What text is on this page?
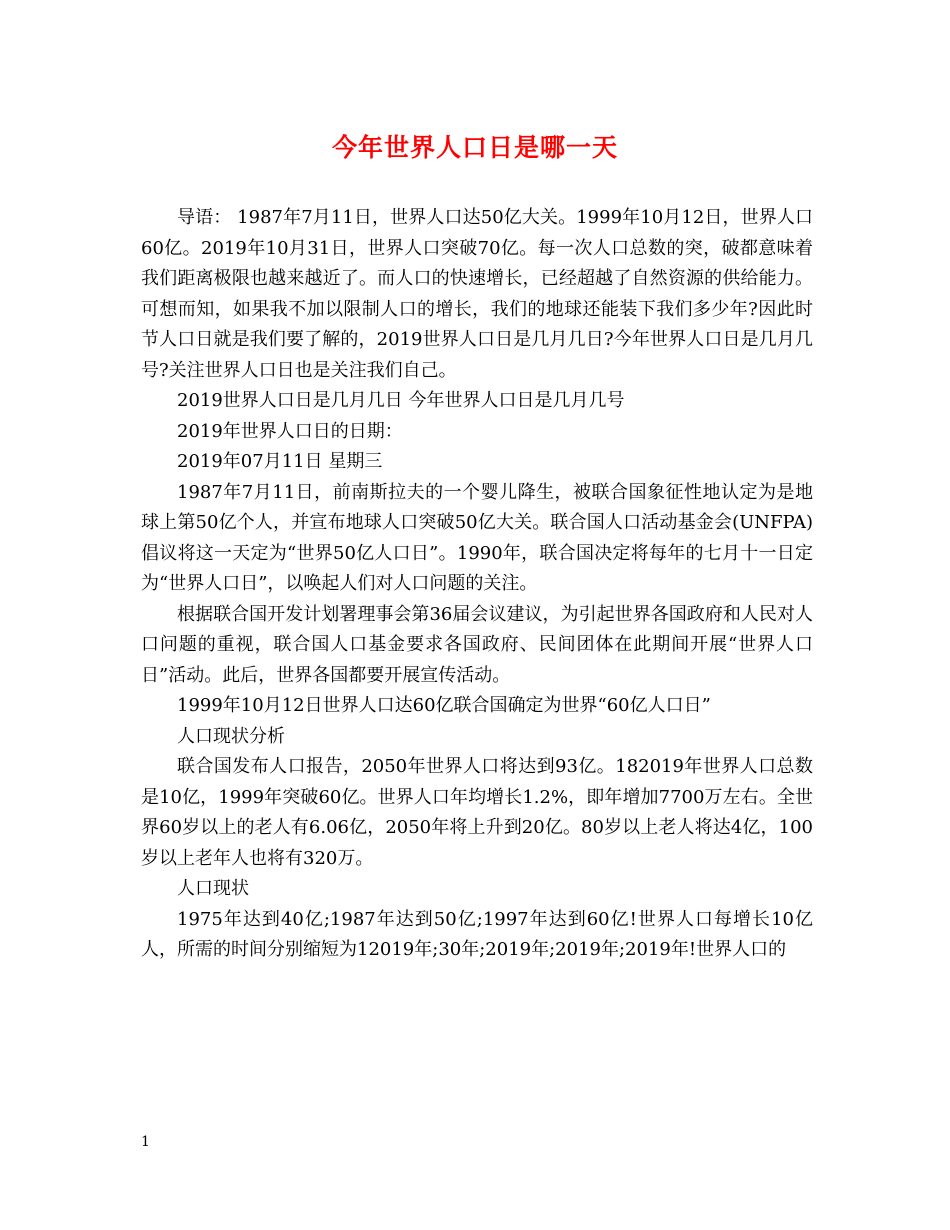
今年世界人口日是哪一天

导语： 1987年7月11日，世界人口达50亿大关。1999年10月12日，世界人口60亿。2019年10月31日，世界人口突破70亿。每一次人口总数的突，破都意味着我们距离极限也越来越近了。而人口的快速增长，已经超越了自然资源的供给能力。可想而知，如果我不加以限制人口的增长，我们的地球还能装下我们多少年?因此时节人口日就是我们要了解的，2019世界人口日是几月几日?今年世界人口日是几月几号?关注世界人口日也是关注我们自己。

2019世界人口日是几月几日 今年世界人口日是几月几号

2019年世界人口日的日期：

2019年07月11日 星期三

1987年7月11日，前南斯拉夫的一个婴儿降生，被联合国象征性地认定为是地球上第50亿个人，并宣布地球人口突破50亿大关。联合国人口活动基金会(UNFPA)倡议将这一天定为“世界50亿人口日”。1990年，联合国决定将每年的七月十一日定为“世界人口日”，以唤起人们对人口问题的关注。

根据联合国开发计划署理事会第36届会议建议，为引起世界各国政府和人民对人口问题的重视，联合国人口基金要求各国政府、民间团体在此期间开展“世界人口日”活动。此后，世界各国都要开展宣传活动。

1999年10月12日世界人口达60亿联合国确定为世界“60亿人口日”

人口现状分析

联合国发布人口报告，2050年世界人口将达到93亿。182019年世界人口总数是10亿，1999年突破60亿。世界人口年均增长1.2%，即年增加7700万左右。全世界60岁以上的老人有6.06亿，2050年将上升到20亿。80岁以上老人将达4亿，100岁以上老年人也将有320万。

人口现状

1975年达到40亿;1987年达到50亿;1997年达到60亿!世界人口每增长10亿人，所需的时间分别缩短为12019年;30年;2019年;2019年;2019年!世界人口的

1
